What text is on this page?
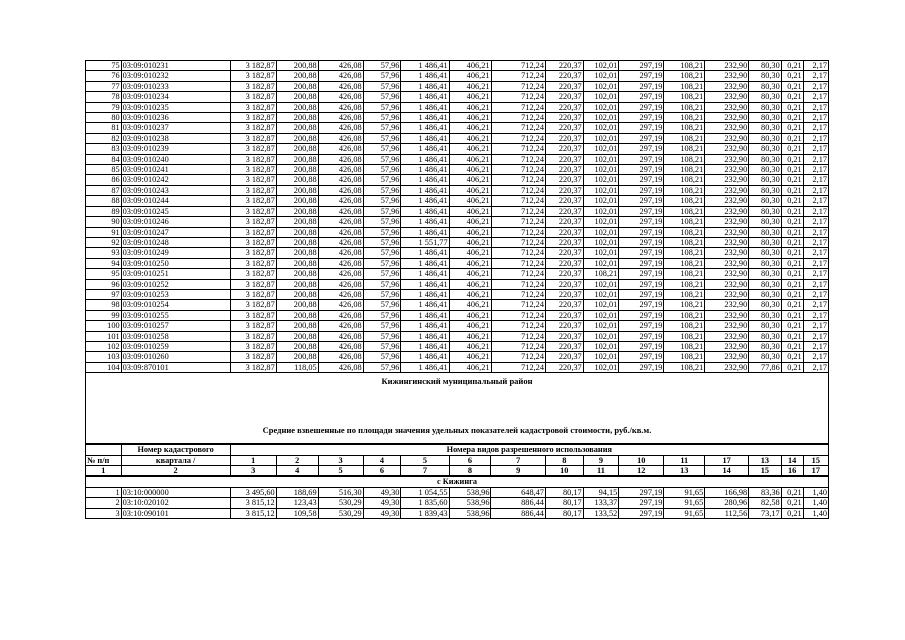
75	03:09:010231	3 182,87	200,88	426,08	57,96	1 486,41	406,21	712,24	220,37	102,01	297,19	108,21	232,90	80,30	0,21	2,17
76	03:09:010232	3 182,87	200,88	426,08	57,96	1 486,41	406,21	712,24	220,37	102,01	297,19	108,21	232,90	80,30	0,21	2,17
77	03:09:010233	3 182,87	200,88	426,08	57,96	1 486,41	406,21	712,24	220,37	102,01	297,19	108,21	232,90	80,30	0,21	2,17
78	03:09:010234	3 182,87	200,88	426,08	57,96	1 486,41	406,21	712,24	220,37	102,01	297,19	108,21	232,90	80,30	0,21	2,17
79	03:09:010235	3 182,87	200,88	426,08	57,96	1 486,41	406,21	712,24	220,37	102,01	297,19	108,21	232,90	80,30	0,21	2,17
80	03:09:010236	3 182,87	200,88	426,08	57,96	1 486,41	406,21	712,24	220,37	102,01	297,19	108,21	232,90	80,30	0,21	2,17
81	03:09:010237	3 182,87	200,88	426,08	57,96	1 486,41	406,21	712,24	220,37	102,01	297,19	108,21	232,90	80,30	0,21	2,17
82	03:09:010238	3 182,87	200,88	426,08	57,96	1 486,41	406,21	712,24	220,37	102,01	297,19	108,21	232,90	80,30	0,21	2,17
83	03:09:010239	3 182,87	200,88	426,08	57,96	1 486,41	406,21	712,24	220,37	102,01	297,19	108,21	232,90	80,30	0,21	2,17
84	03:09:010240	3 182,87	200,88	426,08	57,96	1 486,41	406,21	712,24	220,37	102,01	297,19	108,21	232,90	80,30	0,21	2,17
85	03:09:010241	3 182,87	200,88	426,08	57,96	1 486,41	406,21	712,24	220,37	102,01	297,19	108,21	232,90	80,30	0,21	2,17
86	03:09:010242	3 182,87	200,88	426,08	57,96	1 486,41	406,21	712,24	220,37	102,01	297,19	108,21	232,90	80,30	0,21	2,17
87	03:09:010243	3 182,87	200,88	426,08	57,96	1 486,41	406,21	712,24	220,37	102,01	297,19	108,21	232,90	80,30	0,21	2,17
88	03:09:010244	3 182,87	200,88	426,08	57,96	1 486,41	406,21	712,24	220,37	102,01	297,19	108,21	232,90	80,30	0,21	2,17
89	03:09:010245	3 182,87	200,88	426,08	57,96	1 486,41	406,21	712,24	220,37	102,01	297,19	108,21	232,90	80,30	0,21	2,17
90	03:09:010246	3 182,87	200,88	426,08	57,96	1 486,41	406,21	712,24	220,37	102,01	297,19	108,21	232,90	80,30	0,21	2,17
91	03:09:010247	3 182,87	200,88	426,08	57,96	1 486,41	406,21	712,24	220,37	102,01	297,19	108,21	232,90	80,30	0,21	2,17
92	03:09:010248	3 182,87	200,88	426,08	57,96	1 551,77	406,21	712,24	220,37	102,01	297,19	108,21	232,90	80,30	0,21	2,17
93	03:09:010249	3 182,87	200,88	426,08	57,96	1 486,41	406,21	712,24	220,37	102,01	297,19	108,21	232,90	80,30	0,21	2,17
94	03:09:010250	3 182,87	200,88	426,08	57,96	1 486,41	406,21	712,24	220,37	102,01	297,19	108,21	232,90	80,30	0,21	2,17
95	03:09:010251	3 182,87	200,88	426,08	57,96	1 486,41	406,21	712,24	220,37	108,21	297,19	108,21	232,90	80,30	0,21	2,17
96	03:09:010252	3 182,87	200,88	426,08	57,96	1 486,41	406,21	712,24	220,37	102,01	297,19	108,21	232,90	80,30	0,21	2,17
97	03:09:010253	3 182,87	200,88	426,08	57,96	1 486,41	406,21	712,24	220,37	102,01	297,19	108,21	232,90	80,30	0,21	2,17
98	03:09:010254	3 182,87	200,88	426,08	57,96	1 486,41	406,21	712,24	220,37	102,01	297,19	108,21	232,90	80,30	0,21	2,17
99	03:09:010255	3 182,87	200,88	426,08	57,96	1 486,41	406,21	712,24	220,37	102,01	297,19	108,21	232,90	80,30	0,21	2,17
100	03:09:010257	3 182,87	200,88	426,08	57,96	1 486,41	406,21	712,24	220,37	102,01	297,19	108,21	232,90	80,30	0,21	2,17
101	03:09:010258	3 182,87	200,88	426,08	57,96	1 486,41	406,21	712,24	220,37	102,01	297,19	108,21	232,90	80,30	0,21	2,17
102	03:09:010259	3 182,87	200,88	426,08	57,96	1 486,41	406,21	712,24	220,37	102,01	297,19	108,21	232,90	80,30	0,21	2,17
103	03:09:010260	3 182,87	200,88	426,08	57,96	1 486,41	406,21	712,24	220,37	102,01	297,19	108,21	232,90	80,30	0,21	2,17
104	03:09:870101	3 182,87	118,05	426,08	57,96	1 486,41	406,21	712,24	220,37	102,01	297,19	108,21	232,90	77,86	0,21	2,17
Кижингинский муниципальный район
Средние взвешенные по площади значения удельных показателей кадастровой стоимости, руб./кв.м.
	Номер кадастрового	Номера видов разрешенного использования														
№ п/п	квартала /	1	2	3	4	5	6	7	8	9	10	11	17	13	14	15
1	2	3	4	5	6	7	8	9	10	11	12	13	14	15	16	17
с Кижинга																
1	03:10:000000	3 495,60	188,69	516,30	49,30	1 054,55	538,96	648,47	80,17	94,15	297,19	91,65	166,98	83,36	0,21	1,40
2	03:10:020102	3 815,12	123,43	530,29	49,30	1 835,60	538,96	886,44	80,17	133,37	297,19	91,65	280,96	82,58	0,21	1,40
3	03:10:090101	3 815,12	109,58	530,29	49,30	1 839,43	538,96	886,44	80,17	133,52	297,19	91,65	112,56	73,17	0,21	1,40
